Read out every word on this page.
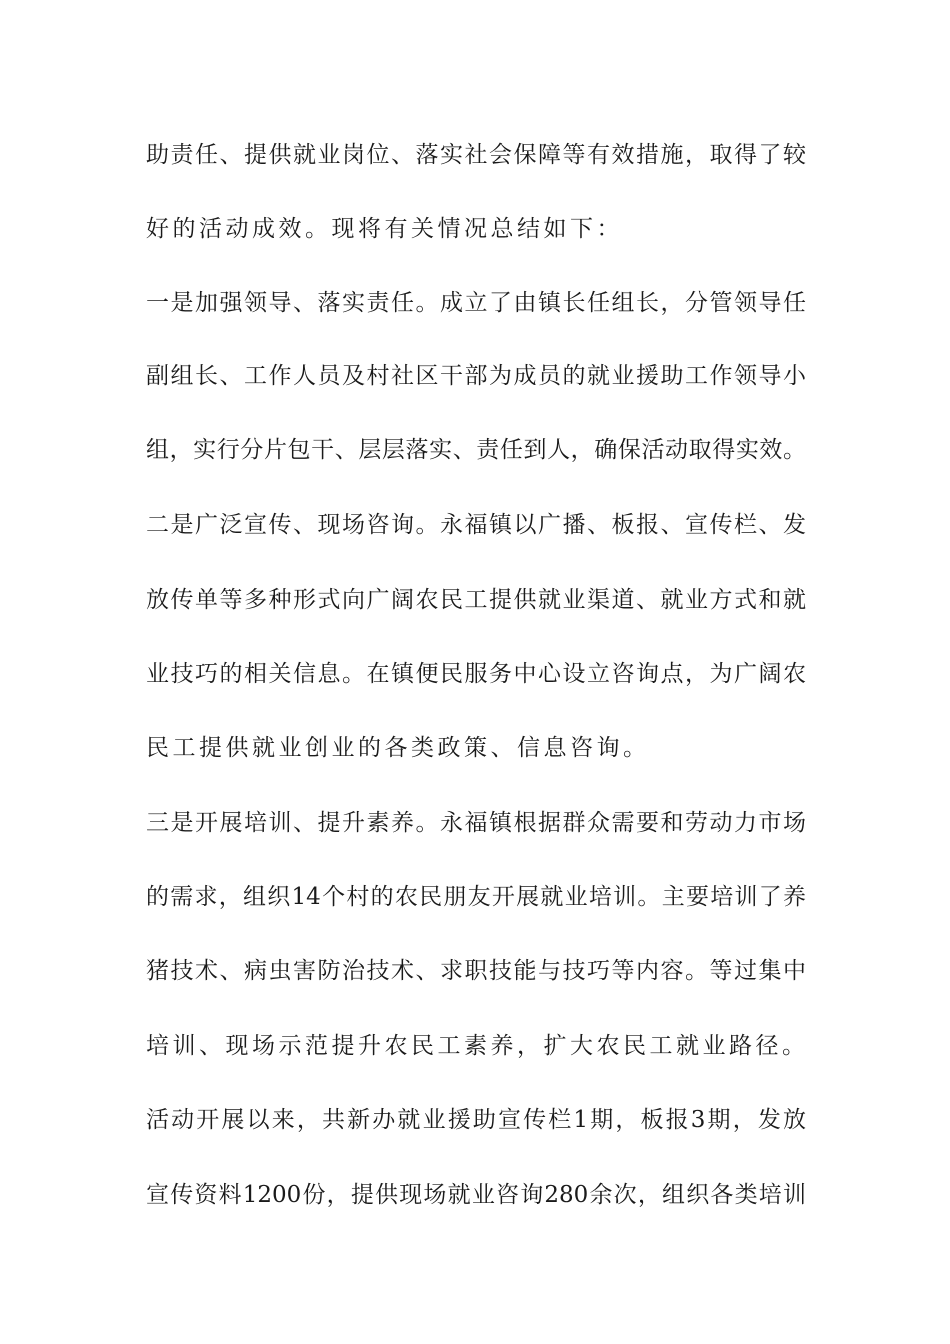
助责任、提供就业岗位、落实社会保障等有效措施，取得了较
好的活动成效。现将有关情况总结如下：
一是加强领导、落实责任。成立了由镇长任组长，分管领导任
副组长、工作人员及村社区干部为成员的就业援助工作领导小
组，实行分片包干、层层落实、责任到人，确保活动取得实效。
二是广泛宣传、现场咨询。永福镇以广播、板报、宣传栏、发
放传单等多种形式向广阔农民工提供就业渠道、就业方式和就
业技巧的相关信息。在镇便民服务中心设立咨询点，为广阔农
民工提供就业创业的各类政策、信息咨询。
三是开展培训、提升素养。永福镇根据群众需要和劳动力市场
的需求，组织14个村的农民朋友开展就业培训。主要培训了养
猪技术、病虫害防治技术、求职技能与技巧等内容。等过集中
培训、现场示范提升农民工素养，扩大农民工就业路径。
活动开展以来，共新办就业援助宣传栏1期，板报3期，发放
宣传资料1200份，提供现场就业咨询280余次，组织各类培训
